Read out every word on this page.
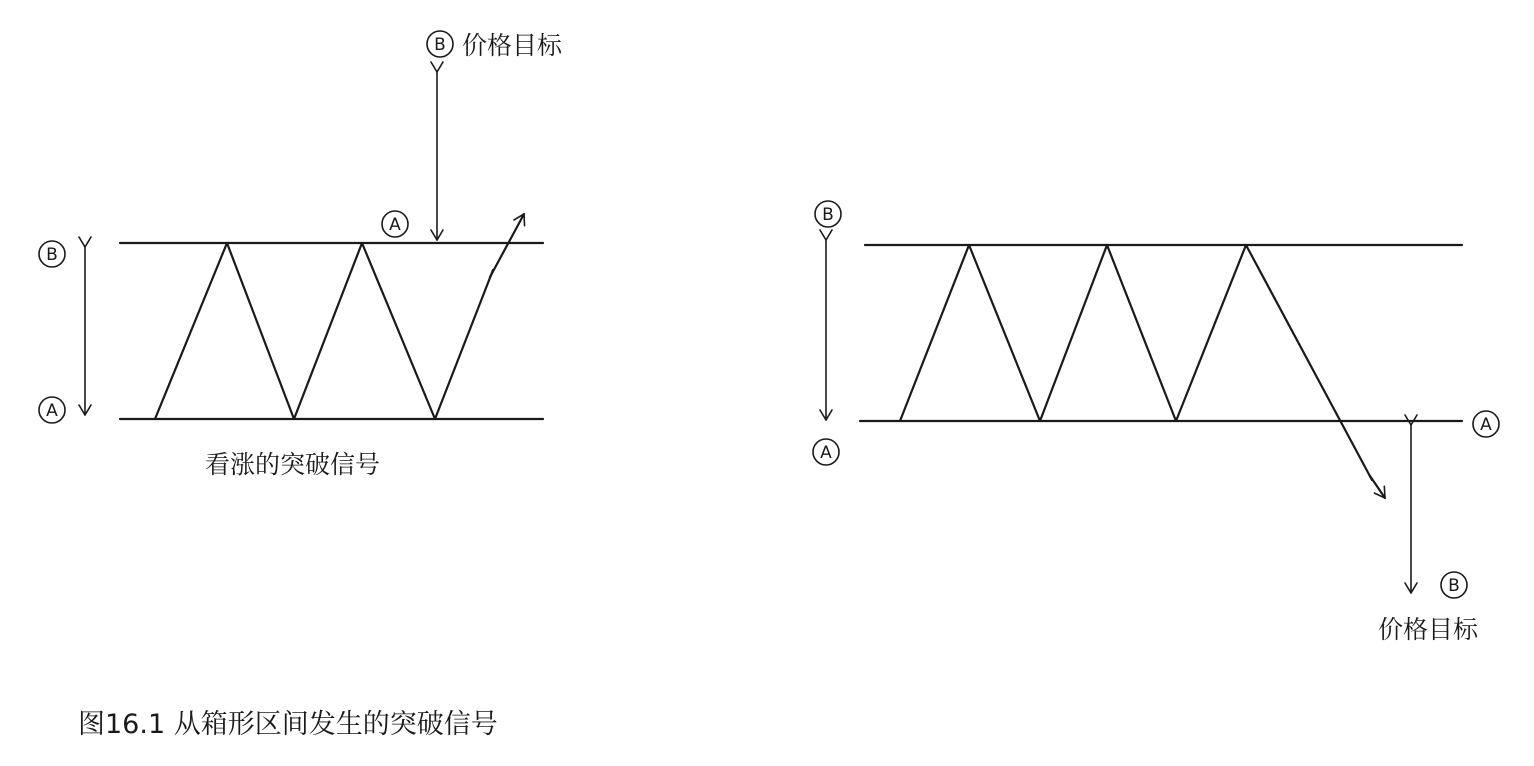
B
A
A
B 价格目标
看涨的突破信号
B
A
A
B
价格目标
图16.1 从箱形区间发生的突破信号
